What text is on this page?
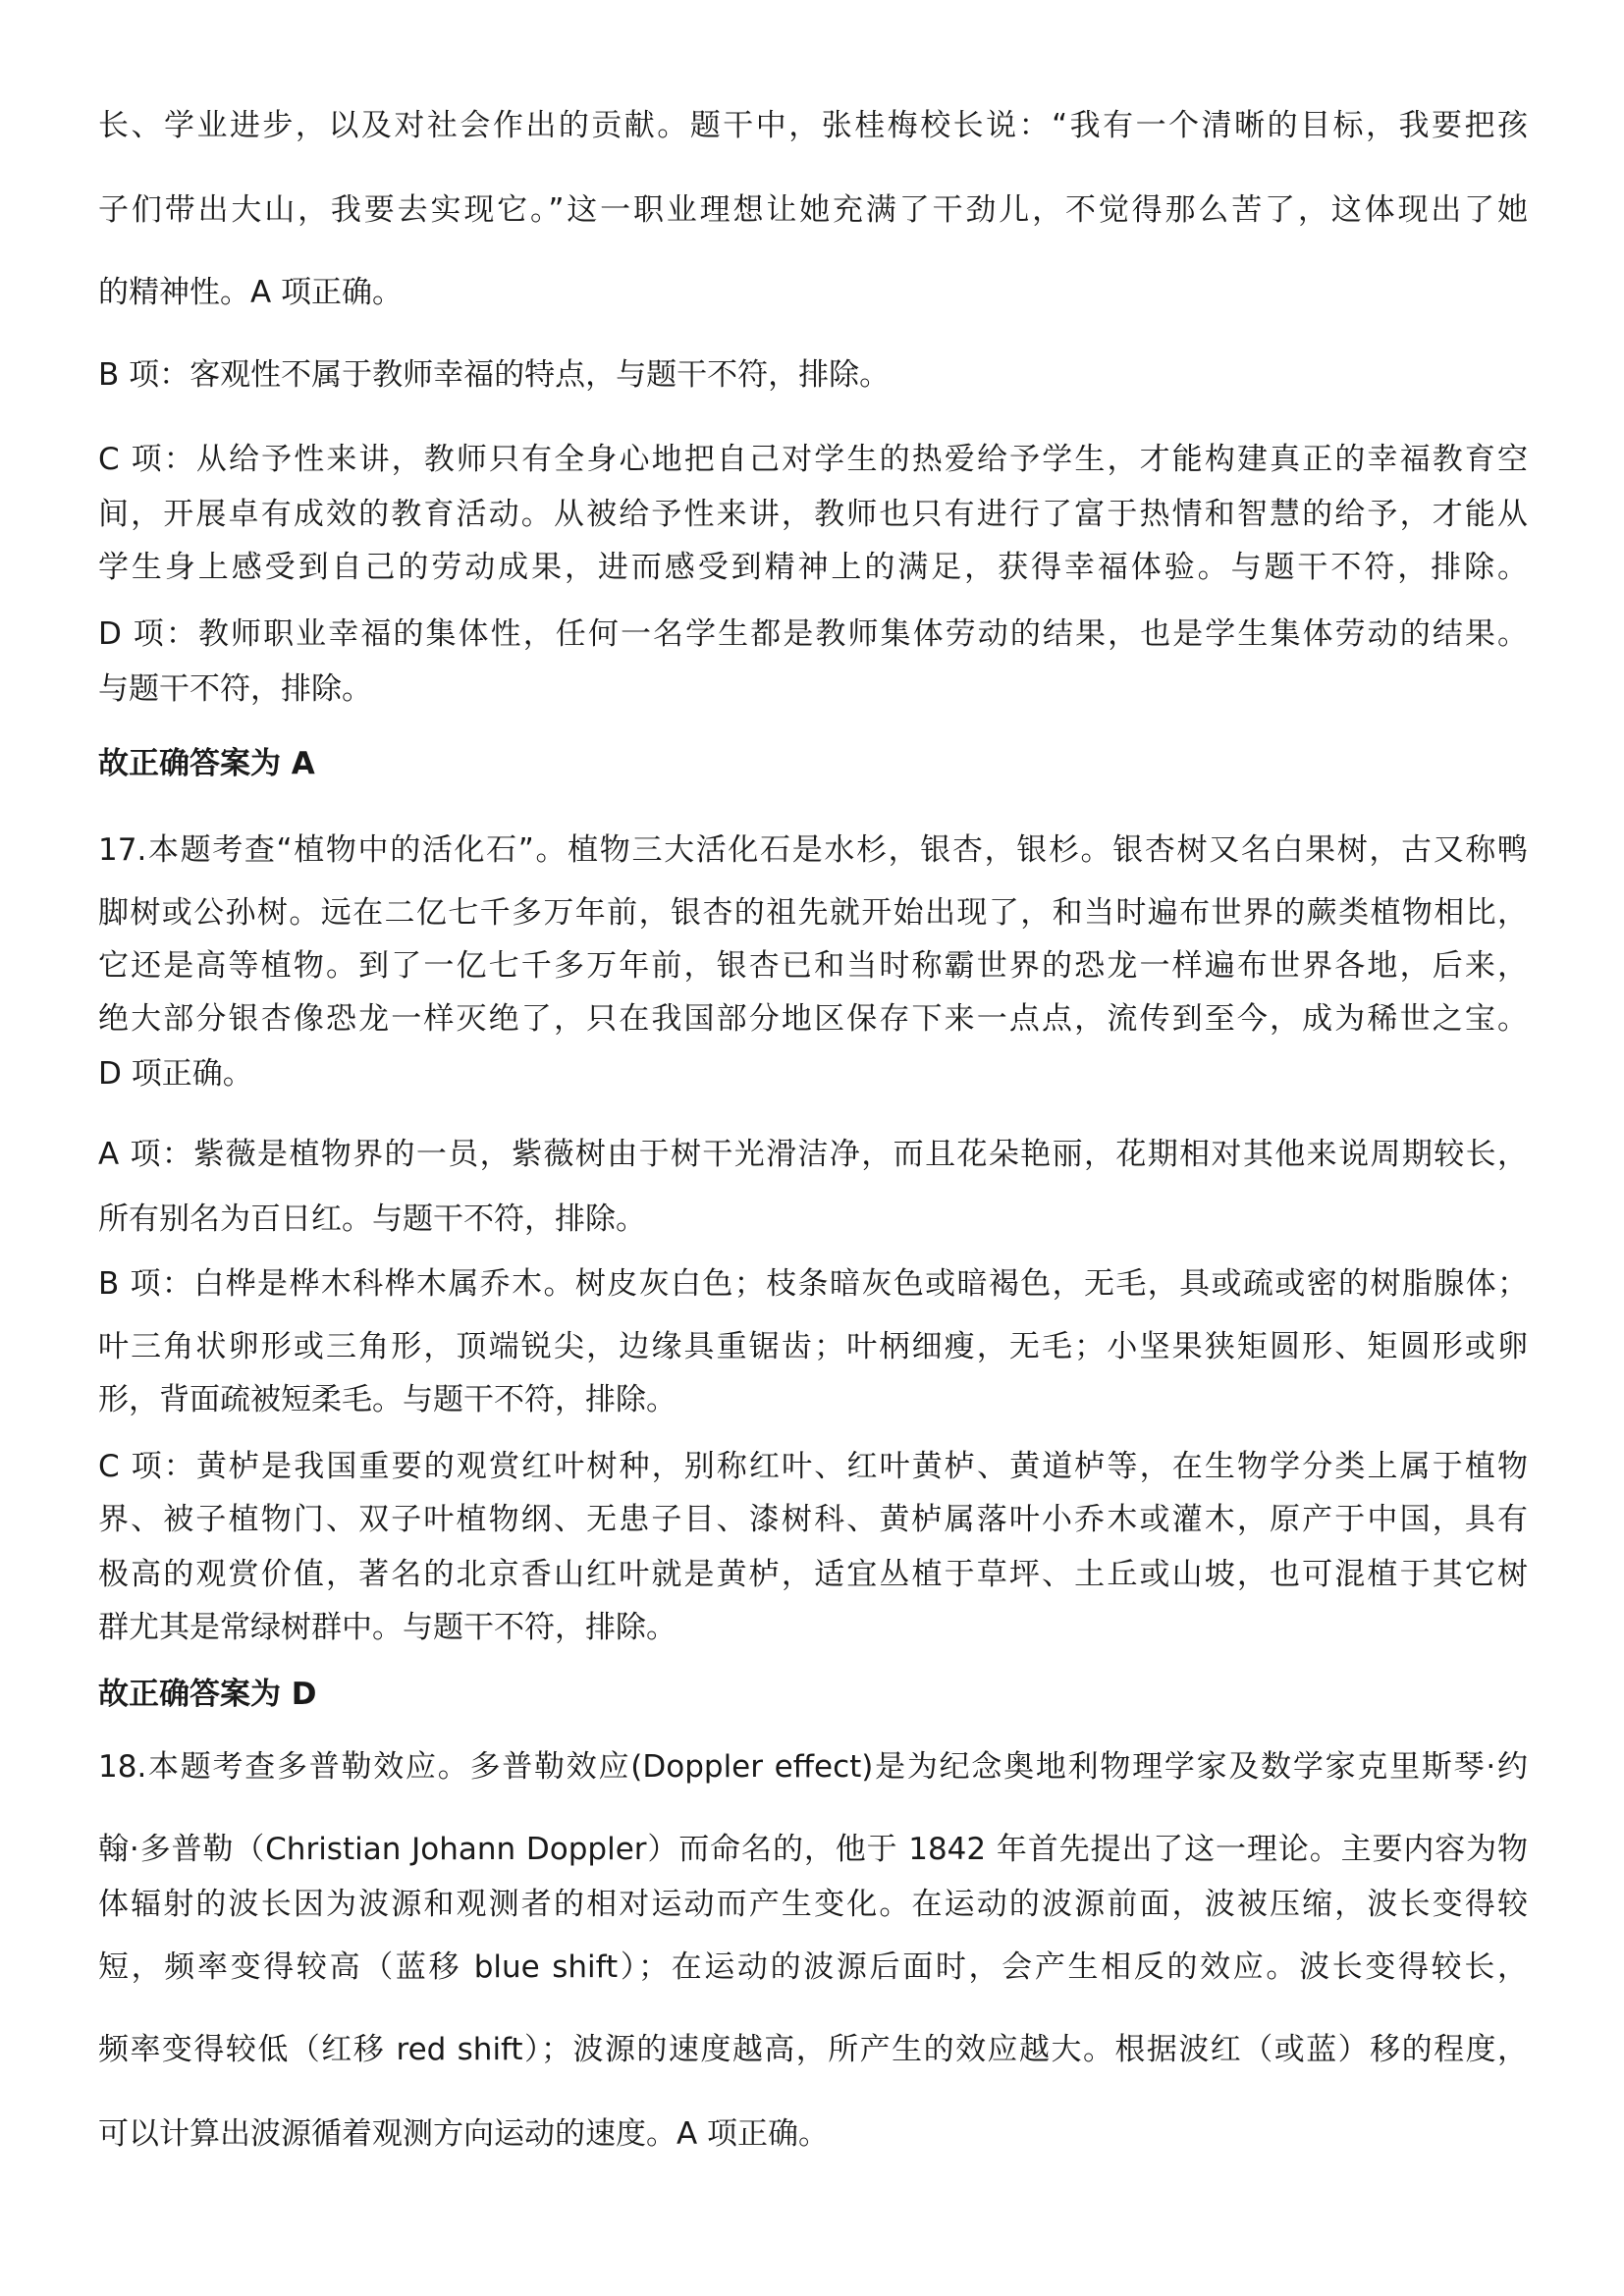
长、学业进步，以及对社会作出的贡献。题干中，张桂梅校长说：“我有一个清晰的目标，我要把孩
子们带出大山，我要去实现它。”这一职业理想让她充满了干劲儿，不觉得那么苦了，这体现出了她
的精神性。A 项正确。
B 项：客观性不属于教师幸福的特点，与题干不符，排除。
C 项：从给予性来讲，教师只有全身心地把自己对学生的热爱给予学生，才能构建真正的幸福教育空
间，开展卓有成效的教育活动。从被给予性来讲，教师也只有进行了富于热情和智慧的给予，才能从
学生身上感受到自己的劳动成果，进而感受到精神上的满足，获得幸福体验。与题干不符，排除。
D 项：教师职业幸福的集体性，任何一名学生都是教师集体劳动的结果，也是学生集体劳动的结果。
与题干不符，排除。
故正确答案为 A
17.本题考查“植物中的活化石”。植物三大活化石是水杉，银杏，银杉。银杏树又名白果树，古又称鸭
脚树或公孙树。远在二亿七千多万年前，银杏的祖先就开始出现了，和当时遍布世界的蕨类植物相比，
它还是高等植物。到了一亿七千多万年前，银杏已和当时称霸世界的恐龙一样遍布世界各地，后来，
绝大部分银杏像恐龙一样灭绝了，只在我国部分地区保存下来一点点，流传到至今，成为稀世之宝。
D 项正确。
A 项：紫薇是植物界的一员，紫薇树由于树干光滑洁净，而且花朵艳丽，花期相对其他来说周期较长，
所有别名为百日红。与题干不符，排除。
B 项：白桦是桦木科桦木属乔木。树皮灰白色；枝条暗灰色或暗褐色，无毛，具或疏或密的树脂腺体；
叶三角状卵形或三角形，顶端锐尖，边缘具重锯齿；叶柄细瘦，无毛；小坚果狭矩圆形、矩圆形或卵
形，背面疏被短柔毛。与题干不符，排除。
C 项：黄栌是我国重要的观赏红叶树种，别称红叶、红叶黄栌、黄道栌等，在生物学分类上属于植物
界、被子植物门、双子叶植物纲、无患子目、漆树科、黄栌属落叶小乔木或灌木，原产于中国，具有
极高的观赏价值，著名的北京香山红叶就是黄栌，适宜丛植于草坪、土丘或山坡，也可混植于其它树
群尤其是常绿树群中。与题干不符，排除。
故正确答案为 D
18.本题考查多普勒效应。多普勒效应(Doppler effect)是为纪念奥地利物理学家及数学家克里斯琴·约
翰·多普勒（Christian Johann Doppler）而命名的，他于 1842 年首先提出了这一理论。主要内容为物
体辐射的波长因为波源和观测者的相对运动而产生变化。在运动的波源前面，波被压缩，波长变得较
短，频率变得较高（蓝移 blue shift）；在运动的波源后面时，会产生相反的效应。波长变得较长，
频率变得较低（红移 red shift）；波源的速度越高，所产生的效应越大。根据波红（或蓝）移的程度，
可以计算出波源循着观测方向运动的速度。A 项正确。
